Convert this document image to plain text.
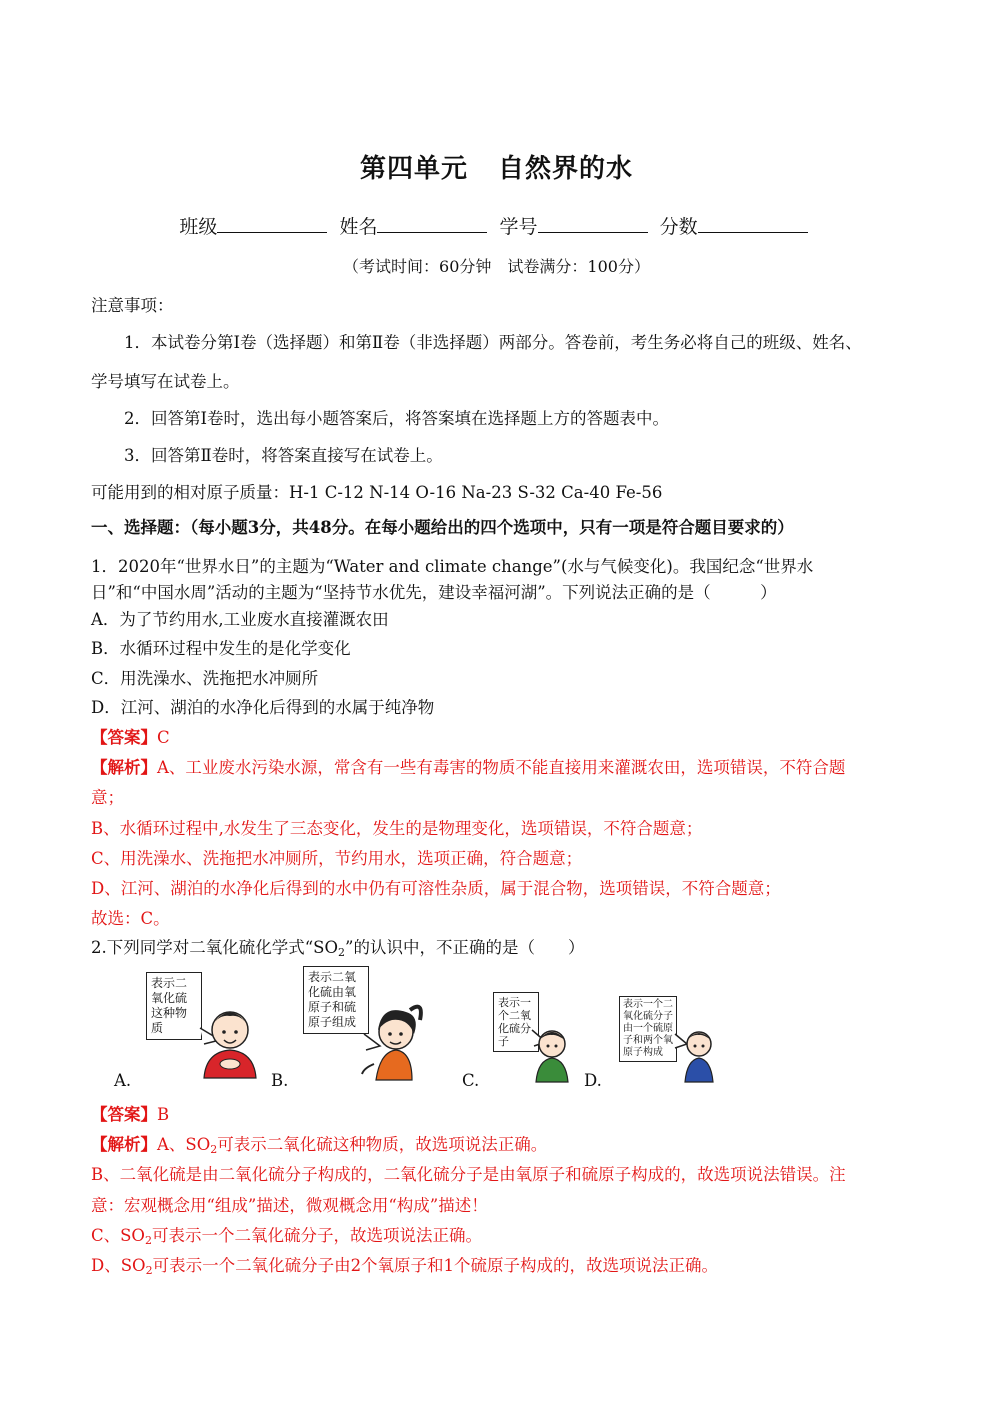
第四单元 自然界的水
班级	姓名	学号	分数
（考试时间：60分钟　试卷满分：100分）
注意事项：
1．本试卷分第Ⅰ卷（选择题）和第Ⅱ卷（非选择题）两部分。答卷前，考生务必将自己的班级、姓名、
学号填写在试卷上。
2．回答第Ⅰ卷时，选出每小题答案后，将答案填在选择题上方的答题表中。
3．回答第Ⅱ卷时，将答案直接写在试卷上。
可能用到的相对原子质量：H-1 C-12 N-14 O-16 Na-23 S-32 Ca-40 Fe-56
一、选择题：（每小题3分，共48分。在每小题给出的四个选项中，只有一项是符合题目要求的）
1．2020年“世界水日”的主题为“Water and climate change”(水与气候变化)。我国纪念“世界水
日”和“中国水周”活动的主题为“坚持节水优先，建设幸福河湖”。下列说法正确的是（　　　）
A．为了节约用水,工业废水直接灌溉农田
B．水循环过程中发生的是化学变化
C．用洗澡水、洗拖把水冲厕所
D．江河、湖泊的水净化后得到的水属于纯净物
【答案】C
【解析】A、工业废水污染水源，常含有一些有毒害的物质不能直接用来灌溉农田，选项错误，不符合题
意；
B、水循环过程中,水发生了三态变化，发生的是物理变化，选项错误，不符合题意；
C、用洗澡水、洗拖把水冲厕所，节约用水，选项正确，符合题意；
D、江河、湖泊的水净化后得到的水中仍有可溶性杂质，属于混合物，选项错误，不符合题意；
故选：C。
2.下列同学对二氧化硫化学式“$SO_2$”的认识中，不正确的是（　　）
表示二氧化硫这种物质
A.
表示二氧化硫由氧原子和硫原子组成
B.
表示一个二氧化硫分子
C.
表示一个二氧化硫分子由一个硫原子和两个氧原子构成
D.
【答案】B
【解析】A、$SO_2$可表示二氧化硫这种物质，故选项说法正确。
B、二氧化硫是由二氧化硫分子构成的，二氧化硫分子是由氧原子和硫原子构成的，故选项说法错误。注
意：宏观概念用“组成”描述，微观概念用“构成”描述！
C、$SO_2$可表示一个二氧化硫分子，故选项说法正确。
D、$SO_2$可表示一个二氧化硫分子由2个氧原子和1个硫原子构成的，故选项说法正确。
